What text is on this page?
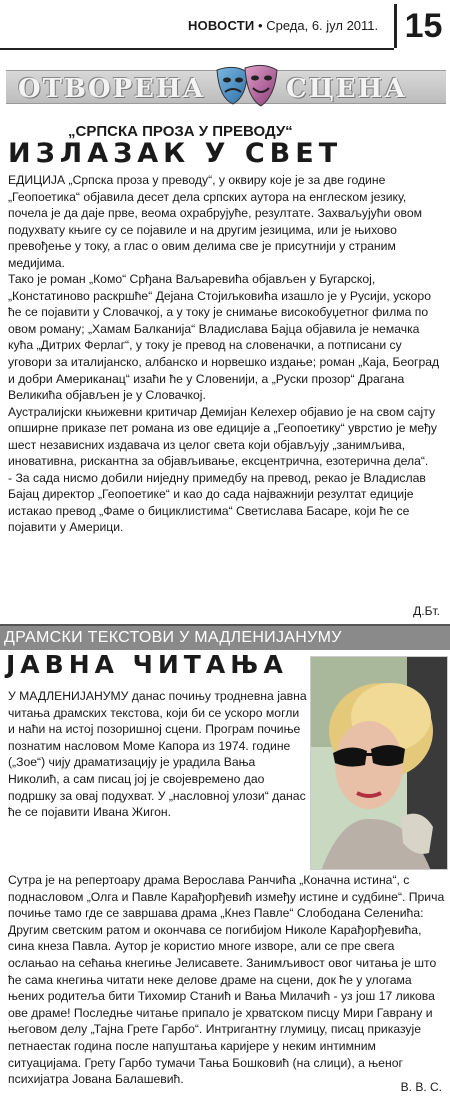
НОВОСТИ • Среда, 6. јул 2011. 15
ОТВОРЕНА	СЦЕНА
„СРПСКА ПРОЗА У ПРЕВОДУ“
ИЗЛАЗАК У СВЕТ

ЕДИЦИЈА „Српска проза у преводу“, у оквиру које је за две године „Геопоетика“ објавила десет дела српских аутора на енглеском језику, почела је да даје прве, веома охрабрујуће, резултате. Захваљујући овом подухвату књиге су се појавиле и на другим језицима, или је њихово превођење у току, а глас о овим делима све је присутнији у страним медијима.

Тако је роман „Комо“ Срђана Ваљаревића објављен у Бугарској, „Констатиново раскршће“ Дејана Стојиљковића изашло је у Русији, ускоро ће се појавити у Словачкој, а у току је снимање високобуџетног филма по овом роману; „Хамам Балканија“ Владислава Бајца објавила је немачка кућа „Дитрих Ферлаг“, у току је превод на словеначки, а потписани су уговори за италијанско, албанско и норвешко издање; роман „Каја, Београд и добри Американац“ изаћи ће у Словенији, а „Руски прозор“ Драгана Великића објављен је у Словачкој.

Аустралијски књижевни критичар Демијан Келехер објавио је на свом сајту опширне приказе пет романа из ове едиције а „Геопоетику“ уврстио је међу шест независних издавача из целог света који објављују „занимљива, иновативна, рискантна за објављивање, ексцентрична, езотерична дела“.

- За сада нисмо добили ниједну примедбу на превод, рекао је Владислав Бајац директор „Геопоетике“ и као до сада најважнији резултат едиције истакао превод „Фаме о бициклистима“ Светислава Басаре, који ће се појавити у Америци.

Д.Бт.
ДРАМСКИ ТЕКСТОВИ У МАДЛЕНИЈАНУМУ
ЈАВНА ЧИТАЊА

У МАДЛЕНИЈАНУМУ данас почињу тродневна јавна читања драмских текстова, који би се ускоро могли и наћи на истој позоришној сцени. Програм почиње познатим насловом Моме Капора из 1974. године („Зое“) чију драматизацију је урадила Вања Николић, а сам писац јој је својевремено дао подршку за овај подухват. У „насловној улози“ данас ће се појавити Ивана Жигон.

Сутра је на репертоару драма Верослава Ранчића „Коначна истина“, с поднасловом „Олга и Павле Карађорђевић између истине и судбине“. Прича почиње тамо где се завршава драма „Кнез Павле“ Слободана Селенића: Другим светским ратом и окончава се погибијом Николе Карађорђевића, сина кнеза Павла. Аутор је користио многе изворе, али се пре свега ослањао на сећања кнегиње Јелисавете. Занимљивост овог читања је што ће сама кнегиња читати неке делове драме на сцени, док ће у улогама њених родитеља бити Тихомир Станић и Вања Милачић - уз још 17 ликова ове драме! Последње читање припало је хрватском писцу Мири Гаврану и његовом делу „Тајна Грете Гарбо“. Интригантну глумицу, писац приказује петнаестак година после напуштања каријере у неким интимним ситуацијама. Грету Гарбо тумачи Тања Бошковић (на слици), а њеног психијатра Јована Балашевић.

В. В. С.
